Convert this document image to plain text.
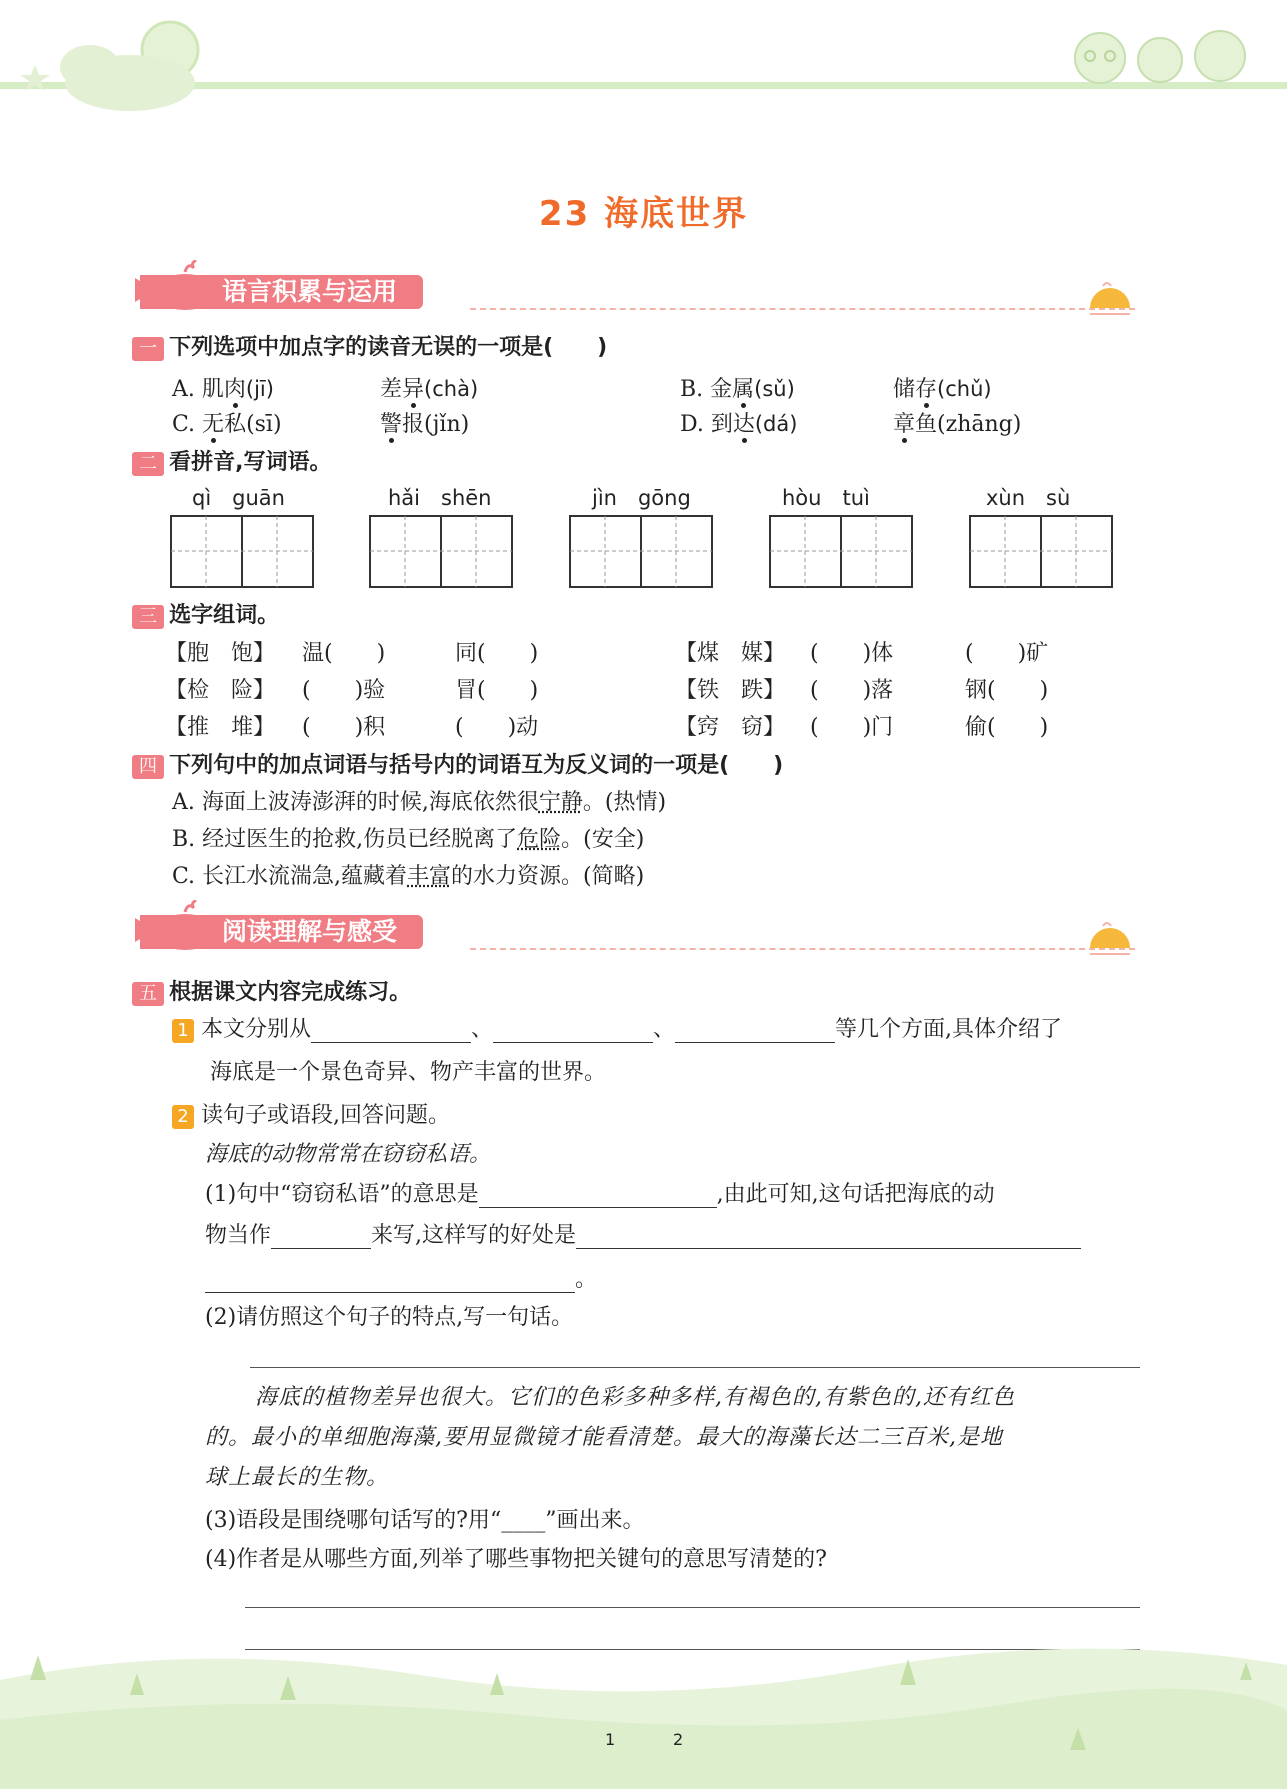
23 海底世界
语言积累与运用
一 下列选项中加点字的读音无误的一项是(　　)
A. 肌肉(jī)	差异(chà)	B. 金属(sǔ)	储存(chǔ)
C. 无私(sī)	警报(jǐn)	D. 到达(dá)	章鱼(zhāng)
二 看拼音,写词语。
qì　guān	hǎi　shēn	jìn　gōng	hòu　tuì	xùn　sù
三 选字组词。
【胞　饱】 温(　　)	同(　　)	【煤　媒】 (　　)体	(　　)矿
【检　险】 (　　)验	冒(　　)	【铁　跌】 (　　)落	钢(　　)
【推　堆】 (　　)积	(　　)动	【窍　窃】 (　　)门	偷(　　)
四 下列句中的加点词语与括号内的词语互为反义词的一项是(　　)
A. 海面上波涛澎湃的时候,海底依然很宁静。(热情)
B. 经过医生的抢救,伤员已经脱离了危险。(安全)
C. 长江水流湍急,蕴藏着丰富的水力资源。(简略)
阅读理解与感受
五 根据课文内容完成练习。
1 本文分别从	、	、	等几个方面,具体介绍了
海底是一个景色奇异、物产丰富的世界。
2 读句子或语段,回答问题。
海底的动物常常在窃窃私语。
(1)句中“窃窃私语”的意思是	,由此可知,这句话把海底的动
物当作	来写,这样写的好处是
。
(2)请仿照这个句子的特点,写一句话。
海底的植物差异也很大。它们的色彩多种多样,有褐色的,有紫色的,还有红色
的。最小的单细胞海藻,要用显微镜才能看清楚。最大的海藻长达二三百米,是地
球上最长的生物。
(3)语段是围绕哪句话写的?用“____”画出来。
(4)作者是从哪些方面,列举了哪些事物把关键句的意思写清楚的?
1	2
